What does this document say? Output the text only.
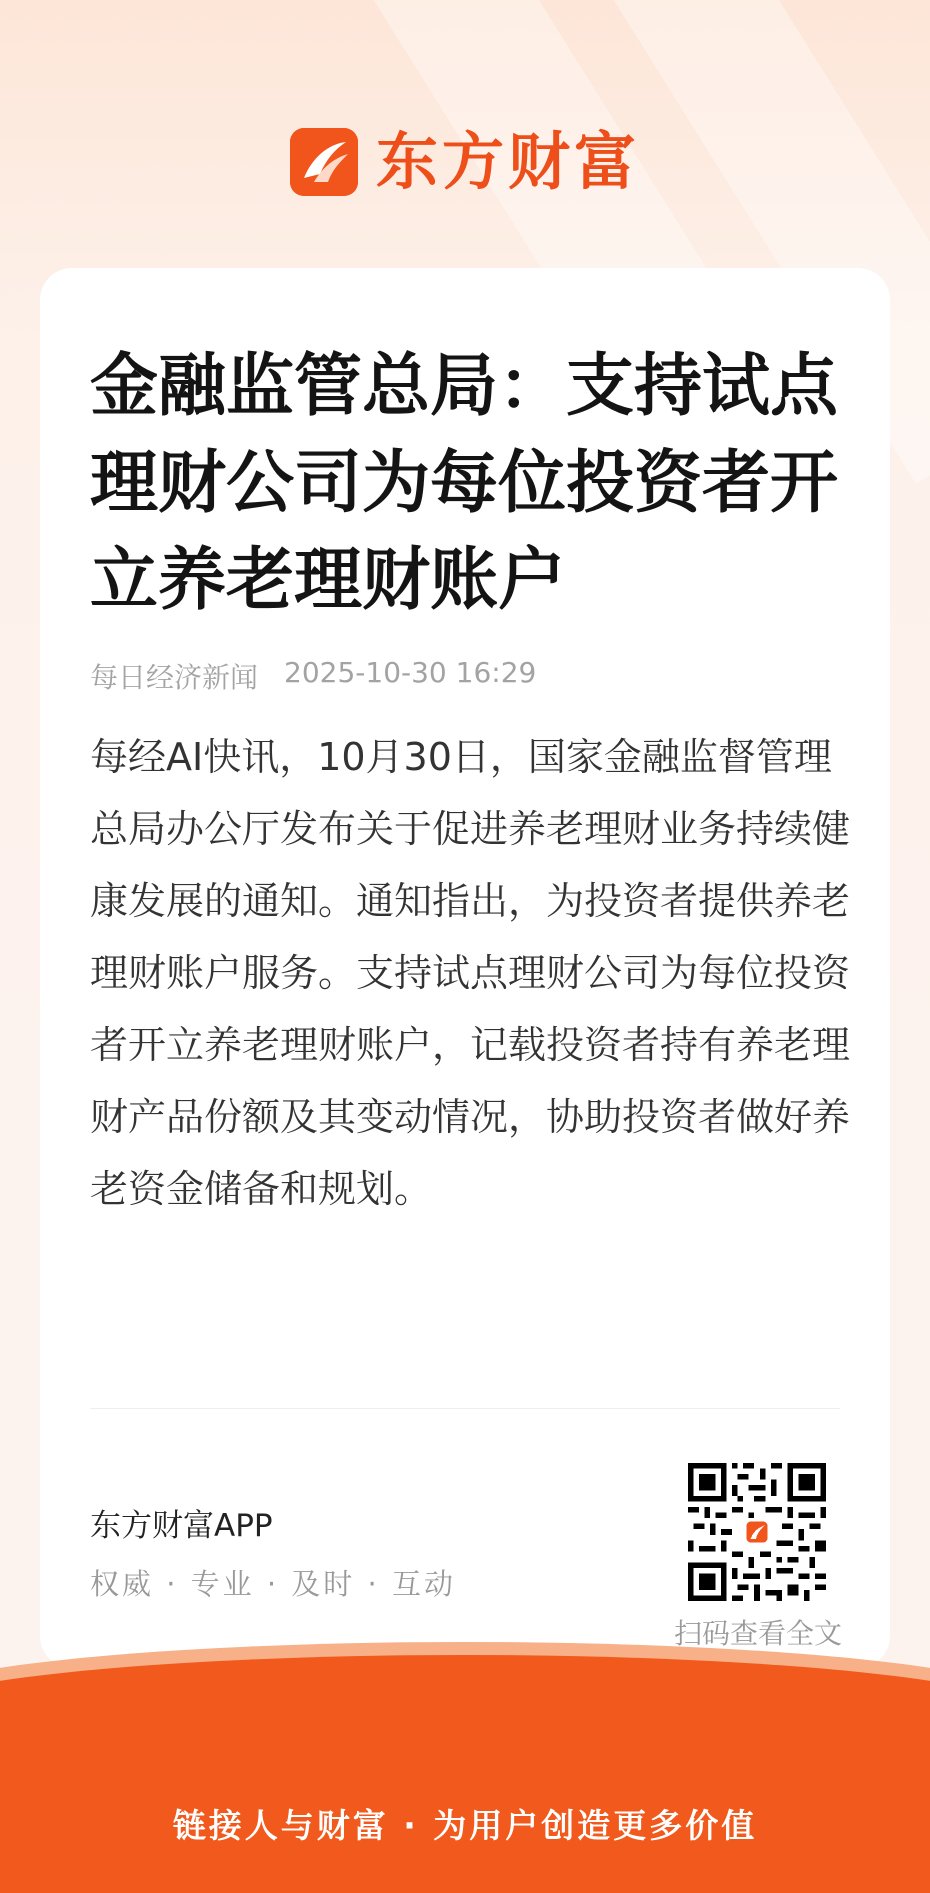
东方财富
金融监管总局：支持试点理财公司为每位投资者开立养老理财账户
每日经济新闻 2025-10-30 16:29

每经AI快讯，10月30日，国家金融监督管理总局办公厅发布关于促进养老理财业务持续健康发展的通知。通知指出，为投资者提供养老理财账户服务。支持试点理财公司为每位投资者开立养老理财账户，记载投资者持有养老理财产品份额及其变动情况，协助投资者做好养老资金储备和规划。

东方财富APP
权威 · 专业 · 及时 · 互动
扫码查看全文
链接人与财富 · 为用户创造更多价值
